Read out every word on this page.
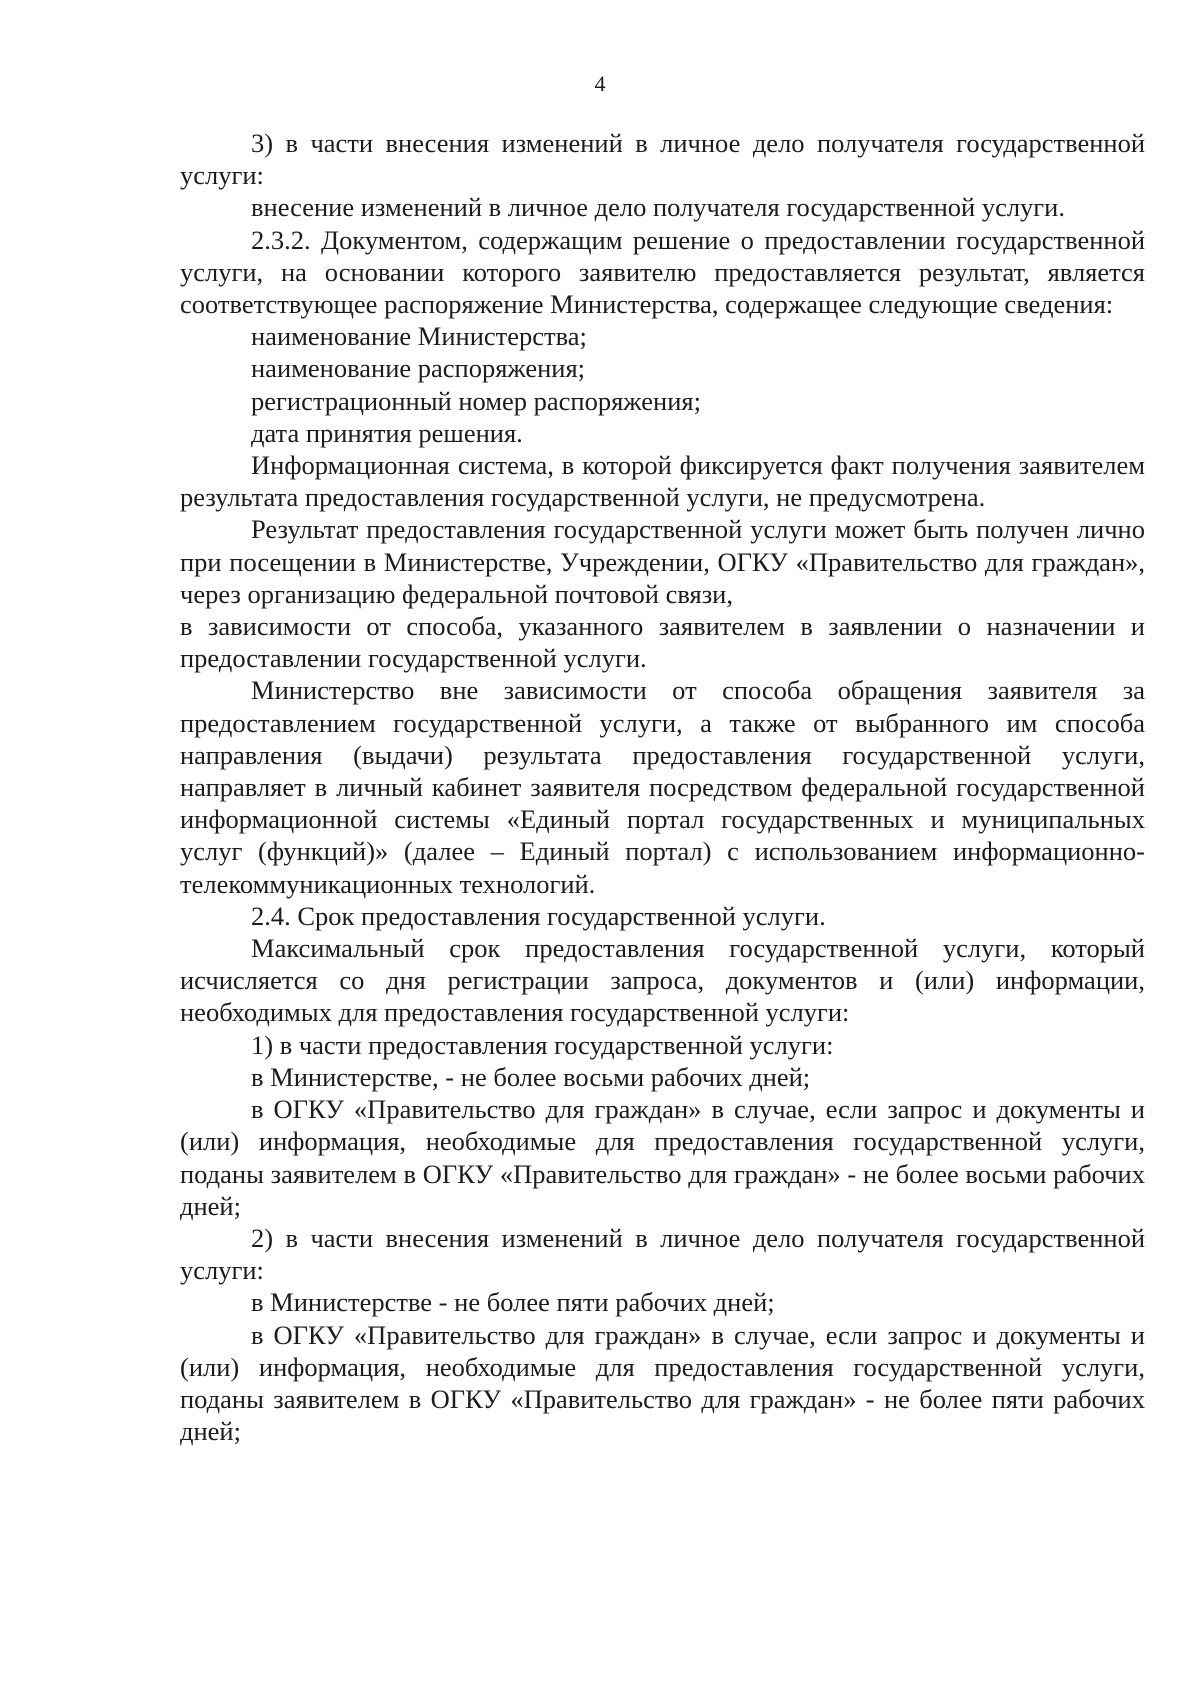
4

3) в части внесения изменений в личное дело получателя государственной услуги:

внесение изменений в личное дело получателя государственной услуги.

2.3.2. Документом, содержащим решение о предоставлении государственной услуги, на основании которого заявителю предоставляется результат, является соответствующее распоряжение Министерства, содержащее следующие сведения:

наименование Министерства;

наименование распоряжения;

регистрационный номер распоряжения;

дата принятия решения.

Информационная система, в которой фиксируется факт получения заявителем результата предоставления государственной услуги, не предусмотрена.

Результат предоставления государственной услуги может быть получен лично при посещении в Министерстве, Учреждении, ОГКУ «Правительство для граждан», через организацию федеральной почтовой связи,

в зависимости от способа, указанного заявителем в заявлении о назначении и предоставлении государственной услуги.

Министерство вне зависимости от способа обращения заявителя за предоставлением государственной услуги, а также от выбранного им способа направления (выдачи) результата предоставления государственной услуги, направляет в личный кабинет заявителя посредством федеральной государственной информационной системы «Единый портал государственных и муниципальных услуг (функций)» (далее – Единый портал) с использованием информационно-телекоммуникационных технологий.

2.4. Срок предоставления государственной услуги.

Максимальный срок предоставления государственной услуги, который исчисляется со дня регистрации запроса, документов и (или) информации, необходимых для предоставления государственной услуги:

1) в части предоставления государственной услуги:

в Министерстве, - не более восьми рабочих дней;

в ОГКУ «Правительство для граждан» в случае, если запрос и документы и (или) информация, необходимые для предоставления государственной услуги, поданы заявителем в ОГКУ «Правительство для граждан» - не более восьми рабочих дней;

2) в части внесения изменений в личное дело получателя государственной услуги:

в Министерстве - не более пяти рабочих дней;

в ОГКУ «Правительство для граждан» в случае, если запрос и документы и (или) информация, необходимые для предоставления государственной услуги, поданы заявителем в ОГКУ «Правительство для граждан» - не более пяти рабочих дней;
